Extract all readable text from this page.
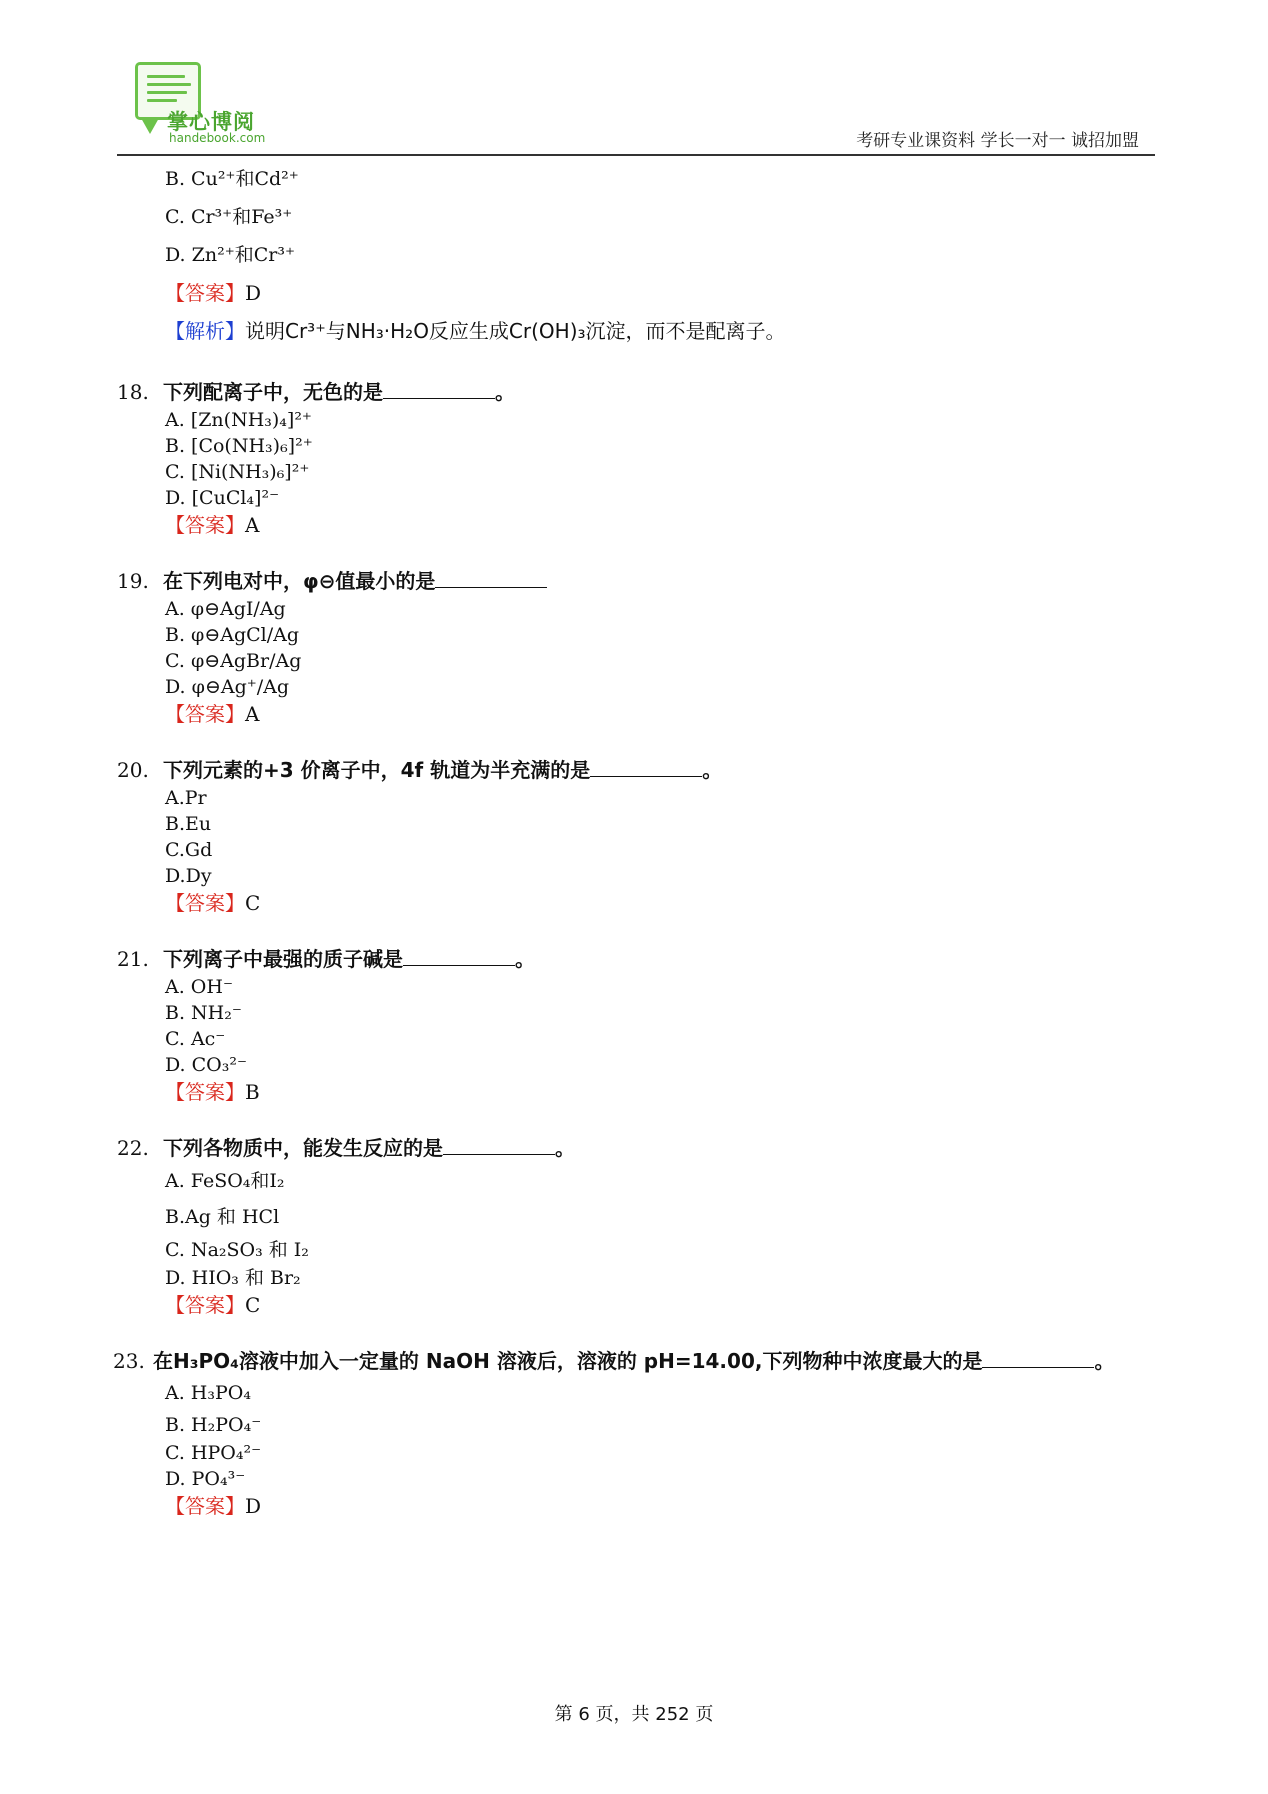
掌心博阅
handebook.com	考研专业课资料 学长一对一 诚招加盟
B. Cu²⁺和Cd²⁺
C. Cr³⁺和Fe³⁺
D. Zn²⁺和Cr³⁺
【答案】D
【解析】说明Cr³⁺与NH₃·H₂O反应生成Cr(OH)₃沉淀，而不是配离子。
18. 下列配离子中，无色的是	。
A. [Zn(NH₃)₄]²⁺
B. [Co(NH₃)₆]²⁺
C. [Ni(NH₃)₆]²⁺
D. [CuCl₄]²⁻
【答案】A
19. 在下列电对中，φ⊖值最小的是
A. φ⊖AgI/Ag
B. φ⊖AgCl/Ag
C. φ⊖AgBr/Ag
D. φ⊖Ag⁺/Ag
【答案】A
20. 下列元素的+3 价离子中，4f 轨道为半充满的是	。
A.Pr
B.Eu
C.Gd
D.Dy
【答案】C
21. 下列离子中最强的质子碱是	。
A. OH⁻
B. NH₂⁻
C. Ac⁻
D. CO₃²⁻
【答案】B
22. 下列各物质中，能发生反应的是	。
A. FeSO₄和I₂
B.Ag 和 HCl
C. Na₂SO₃ 和 I₂
D. HIO₃ 和 Br₂
【答案】C
23. 在H₃PO₄溶液中加入一定量的 NaOH 溶液后，溶液的 pH=14.00,下列物种中浓度最大的是	。
A. H₃PO₄
B. H₂PO₄⁻
C. HPO₄²⁻
D. PO₄³⁻
【答案】D
第 6 页，共 252 页
